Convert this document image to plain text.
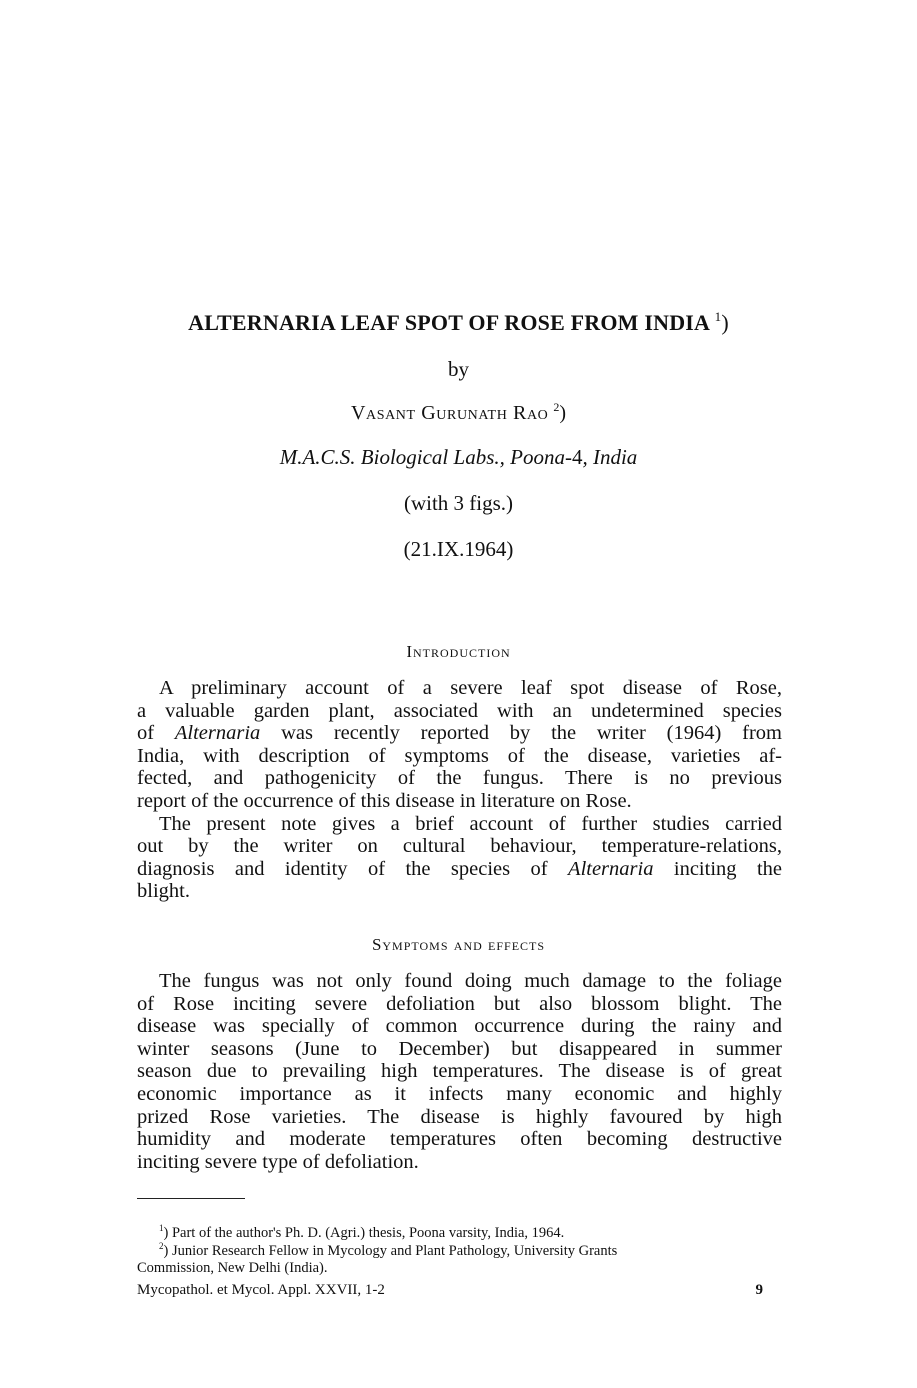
ALTERNARIA LEAF SPOT OF ROSE FROM INDIA $^1$)
by
Vasant Gurunath Rao $^2$)
M.A.C.S. Biological Labs., Poona-4, India
(with 3 figs.)
(21.IX.1964)
Introduction
A preliminary account of a severe leaf spot disease of Rose,
a valuable garden plant, associated with an undetermined species
of Alternaria was recently reported by the writer (1964) from
India, with description of symptoms of the disease, varieties af-
fected, and pathogenicity of the fungus. There is no previous
report of the occurrence of this disease in literature on Rose.
The present note gives a brief account of further studies carried
out by the writer on cultural behaviour, temperature-relations,
diagnosis and identity of the species of Alternaria inciting the
blight.
Symptoms and effects
The fungus was not only found doing much damage to the foliage
of Rose inciting severe defoliation but also blossom blight. The
disease was specially of common occurrence during the rainy and
winter seasons (June to December) but disappeared in summer
season due to prevailing high temperatures. The disease is of great
economic importance as it infects many economic and highly
prized Rose varieties. The disease is highly favoured by high
humidity and moderate temperatures often becoming destructive
inciting severe type of defoliation.
$^1$) Part of the author's Ph. D. (Agri.) thesis, Poona varsity, India, 1964.
$^2$) Junior Research Fellow in Mycology and Plant Pathology, University Grants
Commission, New Delhi (India).
Mycopathol. et Mycol. Appl. XXVII, 1-2	9
